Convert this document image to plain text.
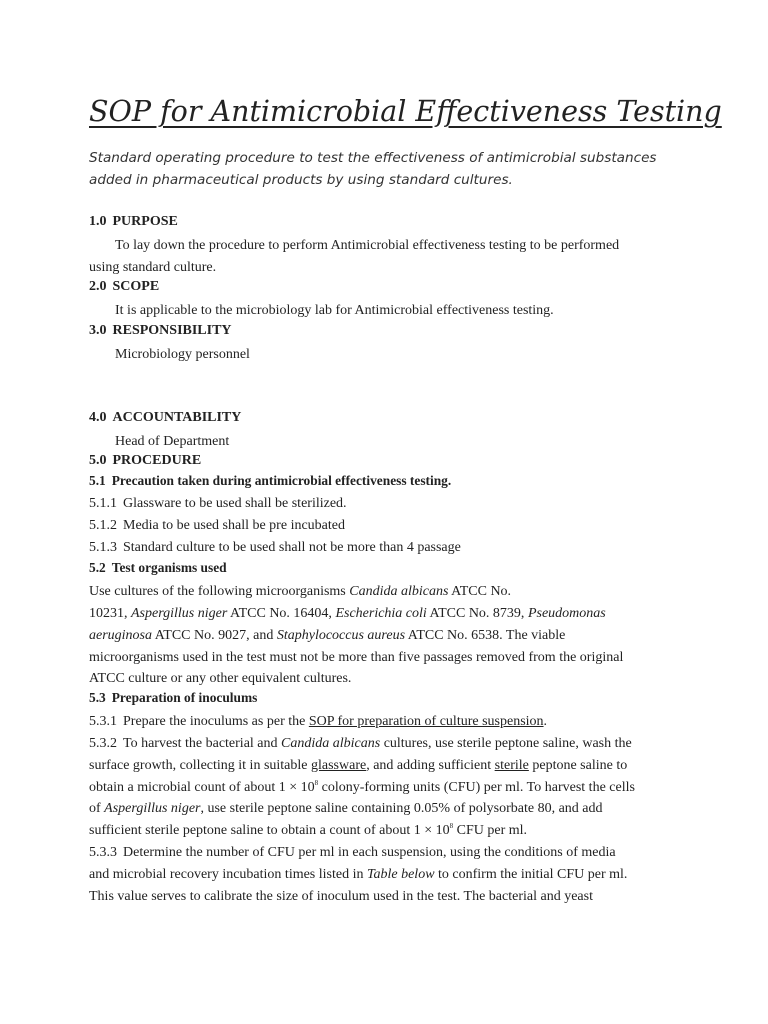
SOP for Antimicrobial Effectiveness Testing

Standard operating procedure to test the effectiveness of antimicrobial substances added in pharmaceutical products by using standard cultures.

1.0 PURPOSE
To lay down the procedure to perform Antimicrobial effectiveness testing to be performed
using standard culture.
2.0 SCOPE
It is applicable to the microbiology lab for Antimicrobial effectiveness testing.
3.0 RESPONSIBILITY
Microbiology personnel
4.0 ACCOUNTABILITY
Head of Department
5.0 PROCEDURE
5.1 Precaution taken during antimicrobial effectiveness testing.
5.1.1 Glassware to be used shall be sterilized.
5.1.2 Media to be used shall be pre incubated
5.1.3 Standard culture to be used shall not be more than 4 passage
5.2 Test organisms used
Use cultures of the following microorganisms Candida albicans ATCC No.
10231, Aspergillus niger ATCC No. 16404, Escherichia coli ATCC No. 8739, Pseudomonas
aeruginosa ATCC No. 9027, and Staphylococcus aureus ATCC No. 6538. The viable
microorganisms used in the test must not be more than five passages removed from the original
ATCC culture or any other equivalent cultures.
5.3 Preparation of inoculums
5.3.1 Prepare the inoculums as per the SOP for preparation of culture suspension.
5.3.2 To harvest the bacterial and Candida albicans cultures, use sterile peptone saline, wash the
surface growth, collecting it in suitable glassware, and adding sufficient sterile peptone saline to
obtain a microbial count of about $1 \times 10^8$ colony-forming units (CFU) per ml. To harvest the cells
of Aspergillus niger, use sterile peptone saline containing 0.05% of polysorbate 80, and add
sufficient sterile peptone saline to obtain a count of about $1 \times 10^8$ CFU per ml.
5.3.3 Determine the number of CFU per ml in each suspension, using the conditions of media
and microbial recovery incubation times listed in Table below to confirm the initial CFU per ml.
This value serves to calibrate the size of inoculum used in the test. The bacterial and yeast
